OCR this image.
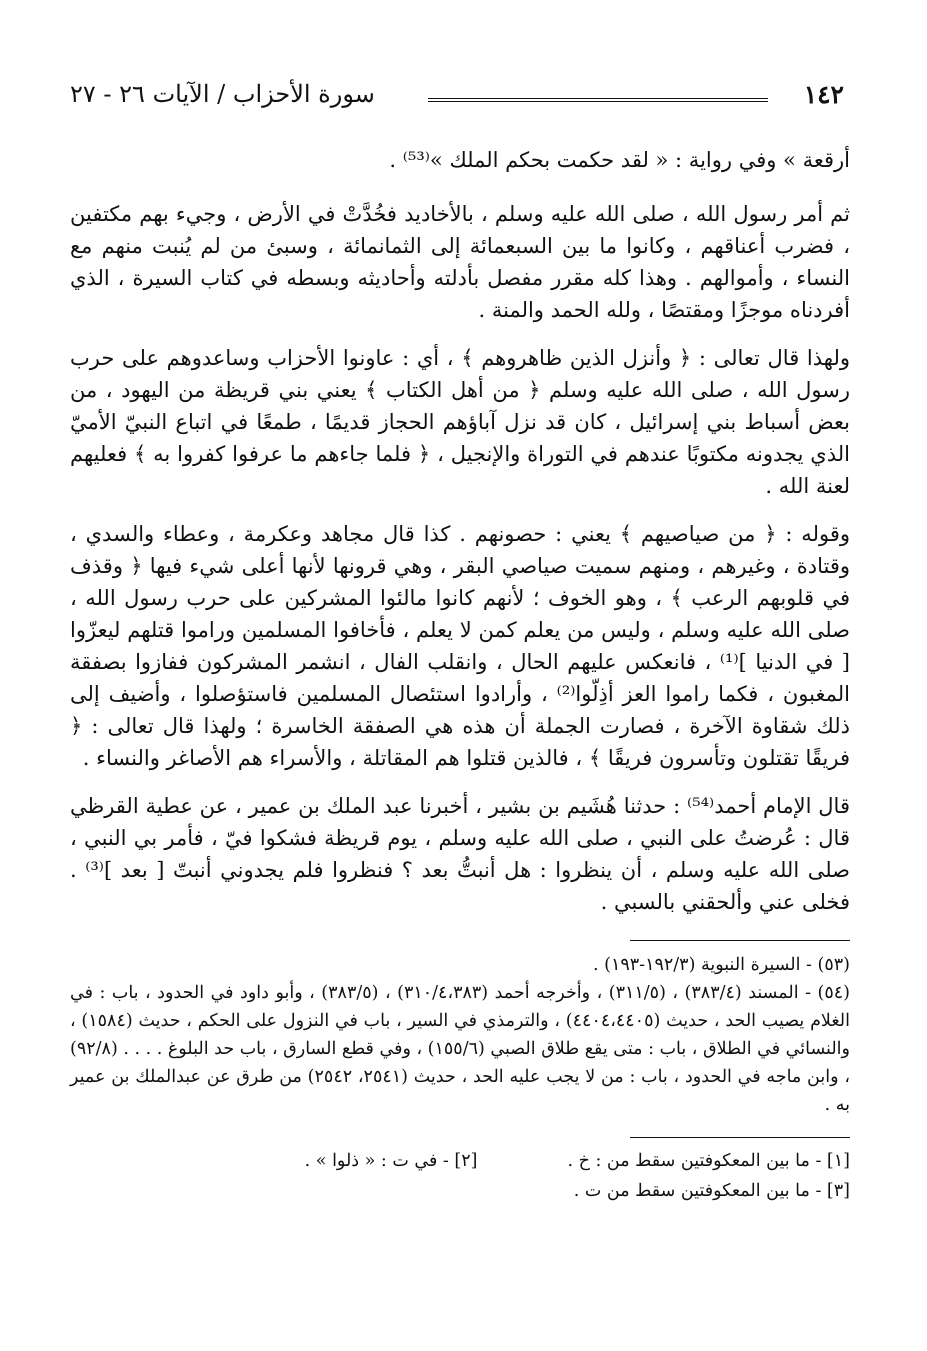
١٤٢
سورة الأحزاب / الآيات ٢٦ - ٢٧

أرقعة » وفي رواية : « لقد حكمت بحكم الملك »⁽⁵³⁾ .

ثم أمر رسول الله ، صلى الله عليه وسلم ، بالأخاديد فخُدَّتْ في الأرض ، وجيء بهم مكتفين ، فضرب أعناقهم ، وكانوا ما بين السبعمائة إلى الثمانمائة ، وسبئ من لم يُنبت منهم مع النساء ، وأموالهم . وهذا كله مقرر مفصل بأدلته وأحاديثه وبسطه في كتاب السيرة ، الذي أفردناه موجزًا ومقتصًا ، ولله الحمد والمنة .

ولهذا قال تعالى : ﴿ وأنزل الذين ظاهروهم ﴾ ، أي : عاونوا الأحزاب وساعدوهم على حرب رسول الله ، صلى الله عليه وسلم ﴿ من أهل الكتاب ﴾ يعني بني قريظة من اليهود ، من بعض أسباط بني إسرائيل ، كان قد نزل آباؤهم الحجاز قديمًا ، طمعًا في اتباع النبيّ الأميّ الذي يجدونه مكتوبًا عندهم في التوراة والإنجيل ، ﴿ فلما جاءهم ما عرفوا كفروا به ﴾ فعليهم لعنة الله .

وقوله : ﴿ من صياصيهم ﴾ يعني : حصونهم . كذا قال مجاهد وعكرمة ، وعطاء والسدي ، وقتادة ، وغيرهم ، ومنهم سميت صياصي البقر ، وهي قرونها لأنها أعلى شيء فيها ﴿ وقذف في قلوبهم الرعب ﴾ ، وهو الخوف ؛ لأنهم كانوا مالئوا المشركين على حرب رسول الله ، صلى الله عليه وسلم ، وليس من يعلم كمن لا يعلم ، فأخافوا المسلمين وراموا قتلهم ليعزّوا [ في الدنيا ]⁽¹⁾ ، فانعكس عليهم الحال ، وانقلب الفال ، انشمر المشركون ففازوا بصفقة المغبون ، فكما راموا العز أذِلّوا⁽²⁾ ، وأرادوا استئصال المسلمين فاستؤصلوا ، وأضيف إلى ذلك شقاوة الآخرة ، فصارت الجملة أن هذه هي الصفقة الخاسرة ؛ ولهذا قال تعالى : ﴿ فريقًا تقتلون وتأسرون فريقًا ﴾ ، فالذين قتلوا هم المقاتلة ، والأسراء هم الأصاغر والنساء .

قال الإمام أحمد⁽⁵⁴⁾ : حدثنا هُشَيم بن بشير ، أخبرنا عبد الملك بن عمير ، عن عطية القرظي قال : عُرضتُ على النبي ، صلى الله عليه وسلم ، يوم قريظة فشكوا فيّ ، فأمر بي النبي ، صلى الله عليه وسلم ، أن ينظروا : هل أنبتُّ بعد ؟ فنظروا فلم يجدوني أنبتّ [ بعد ]⁽³⁾ . فخلى عني وألحقني بالسبي .

(٥٣) - السيرة النبوية (١٩٢/٣-١٩٣) .

(٥٤) - المسند (٣٨٣/٤) ، (٣١١/٥) ، وأخرجه أحمد (٣١٠/٤،٣٨٣) ، (٣٨٣/٥) ، وأبو داود في الحدود ، باب : في الغلام يصيب الحد ، حديث (٤٤٠٤،٤٤٠٥) ، والترمذي في السير ، باب في النزول على الحكم ، حديث (١٥٨٤) ، والنسائي في الطلاق ، باب : متى يقع طلاق الصبي (١٥٥/٦) ، وفي قطع السارق ، باب حد البلوغ . . . . (٩٢/٨) ، وابن ماجه في الحدود ، باب : من لا يجب عليه الحد ، حديث (٢٥٤١، ٢٥٤٢) من طرق عن عبدالملك بن عمير به .

[١] - ما بين المعكوفتين سقط من : خ .
[٢] - في ت : « ذلوا » .
[٣] - ما بين المعكوفتين سقط من ت .
